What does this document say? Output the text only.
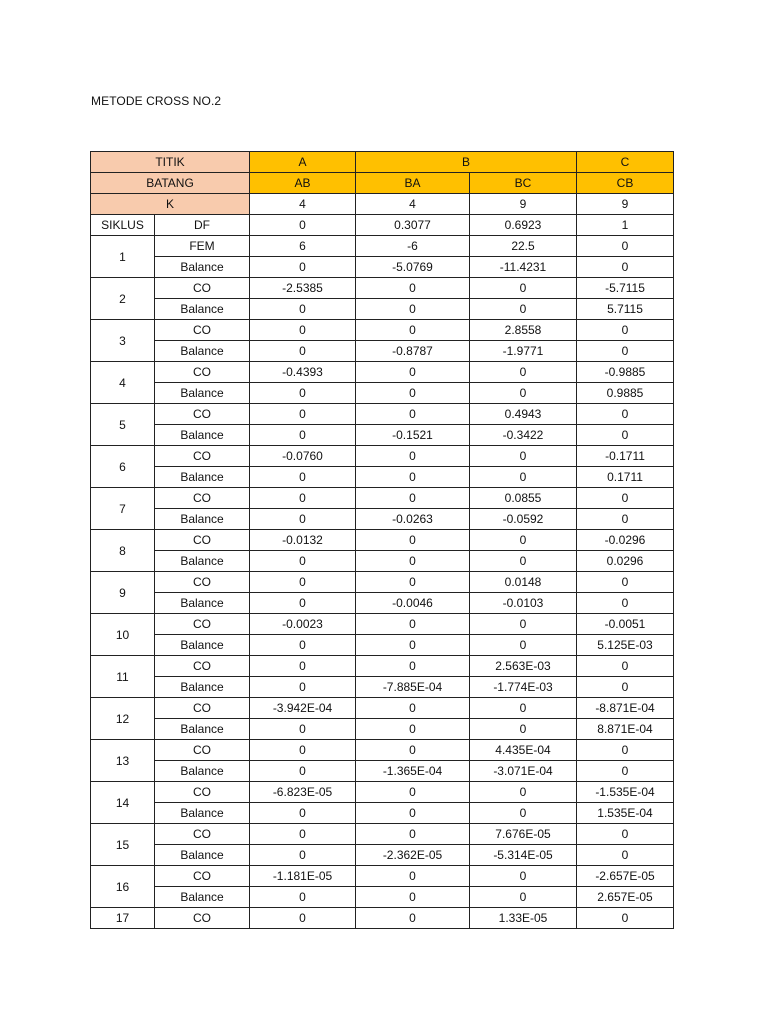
METODE CROSS NO.2
TITIK		A	B		C
BATANG		AB	BA	BC	CB
K		4	4	9	9
SIKLUS	DF	0	0.3077	0.6923	1
1	FEM	6	-6	22.5	0
	Balance	0	-5.0769	-11.4231	0
2	CO	-2.5385	0	0	-5.7115
	Balance	0	0	0	5.7115
3	CO	0	0	2.8558	0
	Balance	0	-0.8787	-1.9771	0
4	CO	-0.4393	0	0	-0.9885
	Balance	0	0	0	0.9885
5	CO	0	0	0.4943	0
	Balance	0	-0.1521	-0.3422	0
6	CO	-0.0760	0	0	-0.1711
	Balance	0	0	0	0.1711
7	CO	0	0	0.0855	0
	Balance	0	-0.0263	-0.0592	0
8	CO	-0.0132	0	0	-0.0296
	Balance	0	0	0	0.0296
9	CO	0	0	0.0148	0
	Balance	0	-0.0046	-0.0103	0
10	CO	-0.0023	0	0	-0.0051
	Balance	0	0	0	5.125E-03
11	CO	0	0	2.563E-03	0
	Balance	0	-7.885E-04	-1.774E-03	0
12	CO	-3.942E-04	0	0	-8.871E-04
	Balance	0	0	0	8.871E-04
13	CO	0	0	4.435E-04	0
	Balance	0	-1.365E-04	-3.071E-04	0
14	CO	-6.823E-05	0	0	-1.535E-04
	Balance	0	0	0	1.535E-04
15	CO	0	0	7.676E-05	0
	Balance	0	-2.362E-05	-5.314E-05	0
16	CO	-1.181E-05	0	0	-2.657E-05
	Balance	0	0	0	2.657E-05
17	CO	0	0	1.33E-05	0
